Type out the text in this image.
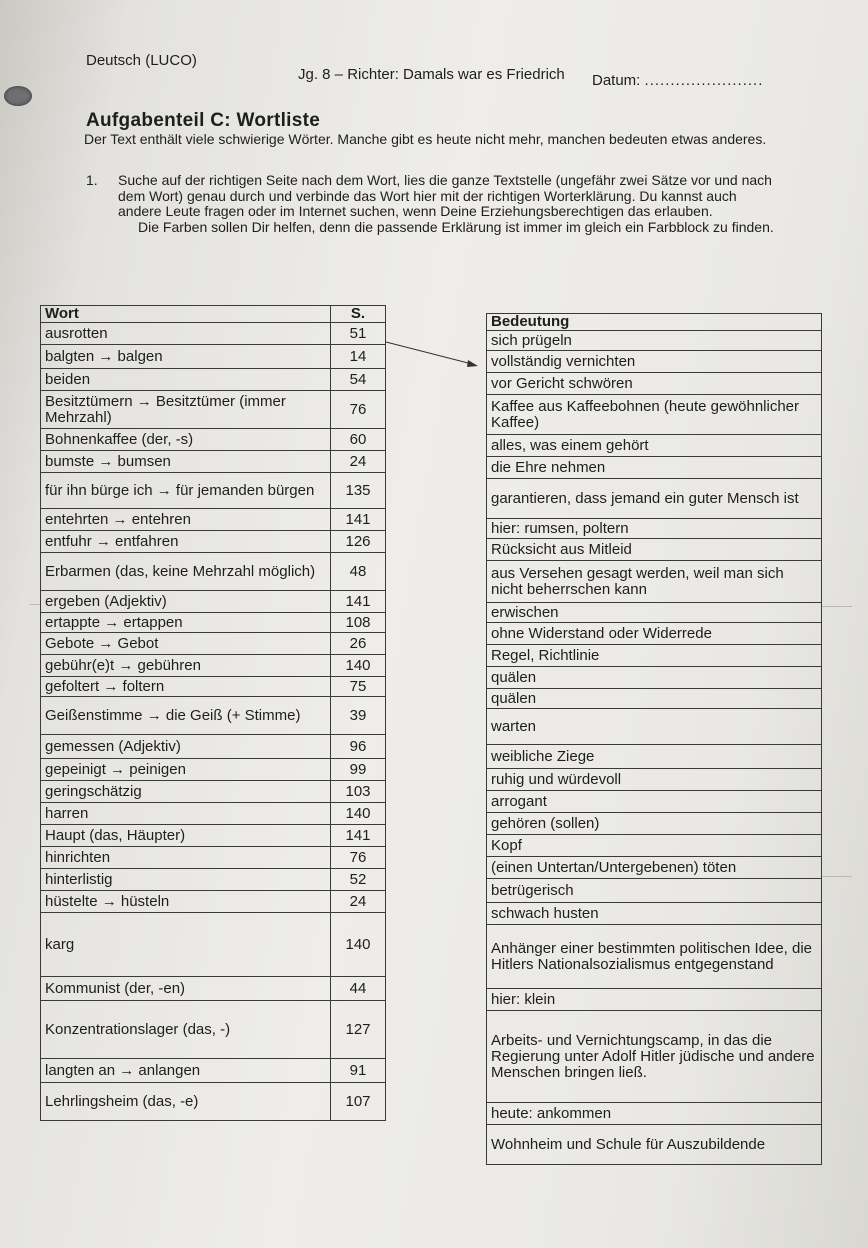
Deutsch (LUCO)
Jg. 8 – Richter: Damals war es Friedrich Datum: .......................
Aufgabenteil C: Wortliste
Der Text enthält viele schwierige Wörter. Manche gibt es heute nicht mehr, manchen bedeuten etwas anderes.
1. Suche auf der richtigen Seite nach dem Wort, lies die ganze Textstelle (ungefähr zwei Sätze vor und nach dem Wort) genau durch und verbinde das Wort hier mit der richtigen Worterklärung. Du kannst auch andere Leute fragen oder im Internet suchen, wenn Deine Erziehungsberechtigen das erlauben.
Die Farben sollen Dir helfen, denn die passende Erklärung ist immer im gleich ein Farbblock zu finden.
Wort	S.
ausrotten	51
balgten → balgen	14
beiden	54
Besitztümern → Besitztümer (immer Mehrzahl)	76
Bohnenkaffee (der, -s)	60
bumste → bumsen	24
für ihn bürge ich → für jemanden bürgen	135
entehrten → entehren	141
entfuhr → entfahren	126
Erbarmen (das, keine Mehrzahl möglich)	48
ergeben (Adjektiv)	141
ertappte → ertappen	108
Gebote → Gebot	26
gebühr(e)t → gebühren	140
gefoltert → foltern	75
Geißenstimme → die Geiß (+ Stimme)	39
gemessen (Adjektiv)	96
gepeinigt → peinigen	99
geringschätzig	103
harren	140
Haupt (das, Häupter)	141
hinrichten	76
hinterlistig	52
hüstelte → hüsteln	24
karg	140
Kommunist (der, -en)	44
Konzentrationslager (das, -)	127
langten an → anlangen	91
Lehrlingsheim (das, -e)	107
Bedeutung
sich prügeln
vollständig vernichten
vor Gericht schwören
Kaffee aus Kaffeebohnen (heute gewöhnlicher Kaffee)
alles, was einem gehört
die Ehre nehmen
garantieren, dass jemand ein guter Mensch ist
hier: rumsen, poltern
Rücksicht aus Mitleid
aus Versehen gesagt werden, weil man sich nicht beherrschen kann
erwischen
ohne Widerstand oder Widerrede
Regel, Richtlinie
quälen
quälen
warten
weibliche Ziege
ruhig und würdevoll
arrogant
gehören (sollen)
Kopf
(einen Untertan/Untergebenen) töten
betrügerisch
schwach husten
Anhänger einer bestimmten politischen Idee, die Hitlers Nationalsozialismus entgegenstand
hier: klein
Arbeits- und Vernichtungscamp, in das die Regierung unter Adolf Hitler jüdische und andere Menschen bringen ließ.
heute: ankommen
Wohnheim und Schule für Auszubildende
